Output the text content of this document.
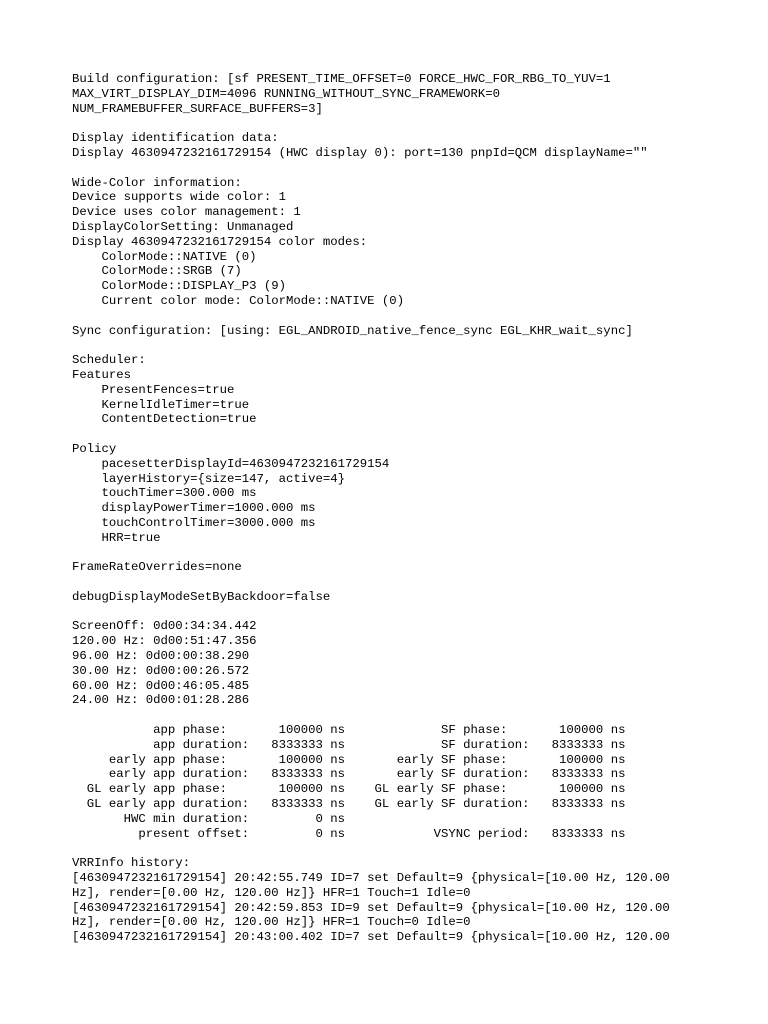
Build configuration: [sf PRESENT_TIME_OFFSET=0 FORCE_HWC_FOR_RBG_TO_YUV=1
MAX_VIRT_DISPLAY_DIM=4096 RUNNING_WITHOUT_SYNC_FRAMEWORK=0
NUM_FRAMEBUFFER_SURFACE_BUFFERS=3]
Display identification data:
Display 4630947232161729154 (HWC display 0): port=130 pnpId=QCM displayName=""
Wide-Color information:
Device supports wide color: 1
Device uses color management: 1
DisplayColorSetting: Unmanaged
Display 4630947232161729154 color modes:
ColorMode::NATIVE (0)
ColorMode::SRGB (7)
ColorMode::DISPLAY_P3 (9)
Current color mode: ColorMode::NATIVE (0)
Sync configuration: [using: EGL_ANDROID_native_fence_sync EGL_KHR_wait_sync]
Scheduler:
Features
PresentFences=true
KernelIdleTimer=true
ContentDetection=true
Policy
pacesetterDisplayId=4630947232161729154
layerHistory={size=147, active=4}
touchTimer=300.000 ms
displayPowerTimer=1000.000 ms
touchControlTimer=3000.000 ms
HRR=true
FrameRateOverrides=none
debugDisplayModeSetByBackdoor=false
ScreenOff: 0d00:34:34.442
120.00 Hz: 0d00:51:47.356
96.00 Hz: 0d00:00:38.290
30.00 Hz: 0d00:00:26.572
60.00 Hz: 0d00:46:05.485
24.00 Hz: 0d00:01:28.286
app phase:       100000 ns             SF phase:       100000 ns
app duration:   8333333 ns             SF duration:   8333333 ns
early app phase:       100000 ns       early SF phase:       100000 ns
early app duration:   8333333 ns       early SF duration:   8333333 ns
GL early app phase:       100000 ns    GL early SF phase:       100000 ns
GL early app duration:   8333333 ns    GL early SF duration:   8333333 ns
HWC min duration:         0 ns
present offset:         0 ns            VSYNC period:   8333333 ns
VRRInfo history:
[4630947232161729154] 20:42:55.749 ID=7 set Default=9 {physical=[10.00 Hz, 120.00
Hz], render=[0.00 Hz, 120.00 Hz]} HFR=1 Touch=1 Idle=0
[4630947232161729154] 20:42:59.853 ID=9 set Default=9 {physical=[10.00 Hz, 120.00
Hz], render=[0.00 Hz, 120.00 Hz]} HFR=1 Touch=0 Idle=0
[4630947232161729154] 20:43:00.402 ID=7 set Default=9 {physical=[10.00 Hz, 120.00
